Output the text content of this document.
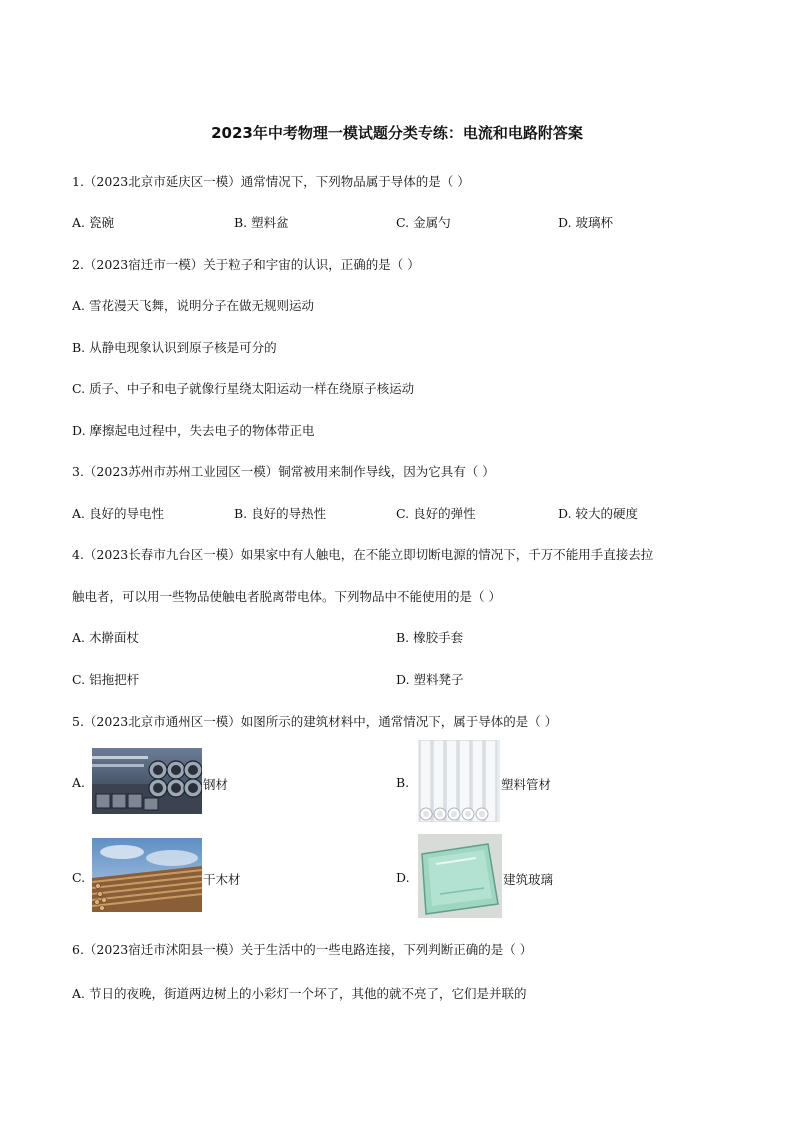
2023年中考物理一模试题分类专练：电流和电路附答案
1.（2023北京市延庆区一模）通常情况下，下列物品属于导体的是（ ）
A. 瓷碗	B. 塑料盆	C. 金属勺	D. 玻璃杯
2.（2023宿迁市一模）关于粒子和宇宙的认识，正确的是（ ）
A. 雪花漫天飞舞，说明分子在做无规则运动
B. 从静电现象认识到原子核是可分的
C. 质子、中子和电子就像行星绕太阳运动一样在绕原子核运动
D. 摩擦起电过程中，失去电子的物体带正电
3.（2023苏州市苏州工业园区一模）铜常被用来制作导线，因为它具有（ ）
A. 良好的导电性	B. 良好的导热性	C. 良好的弹性	D. 较大的硬度
4.（2023长春市九台区一模）如果家中有人触电，在不能立即切断电源的情况下，千万不能用手直接去拉
触电者，可以用一些物品使触电者脱离带电体。下列物品中不能使用的是（ ）
A. 木擀面杖	B. 橡胶手套
C. 铝拖把杆	D. 塑料凳子
5.（2023北京市通州区一模）如图所示的建筑材料中，通常情况下，属于导体的是（ ）
A.	钢材	B.	塑料管材
C.	干木材	D.	建筑玻璃
6.（2023宿迁市沭阳县一模）关于生活中的一些电路连接，下列判断正确的是（ ）
A. 节日的夜晚，街道两边树上的小彩灯一个坏了，其他的就不亮了，它们是并联的
